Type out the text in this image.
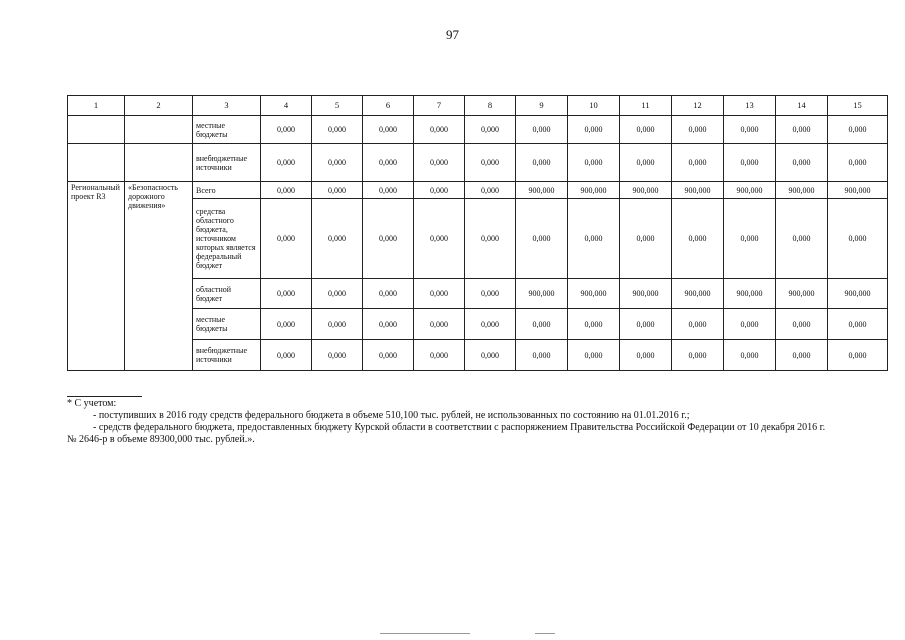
97
1	2	3	4	5	6	7	8	9	10	11	12	13	14	15
		местные бюджеты	0,000	0,000	0,000	0,000	0,000	0,000	0,000	0,000	0,000	0,000	0,000	0,000
		внебюджетные источники	0,000	0,000	0,000	0,000	0,000	0,000	0,000	0,000	0,000	0,000	0,000	0,000
Региональный проект R3	«Безопасность дорожного движения»	Всего	0,000	0,000	0,000	0,000	0,000	900,000	900,000	900,000	900,000	900,000	900,000	900,000
		средства областного бюджета, источником которых является федеральный бюджет	0,000	0,000	0,000	0,000	0,000	0,000	0,000	0,000	0,000	0,000	0,000	0,000
		областной бюджет	0,000	0,000	0,000	0,000	0,000	900,000	900,000	900,000	900,000	900,000	900,000	900,000
		местные бюджеты	0,000	0,000	0,000	0,000	0,000	0,000	0,000	0,000	0,000	0,000	0,000	0,000
		внебюджетные источники	0,000	0,000	0,000	0,000	0,000	0,000	0,000	0,000	0,000	0,000	0,000	0,000

* С учетом:

- поступивших в 2016 году средств федерального бюджета в объеме 510,100 тыс. рублей, не использованных по состоянию на 01.01.2016 г.;

- средств федерального бюджета, предоставленных бюджету Курской области в соответствии с распоряжением Правительства Российской Федерации от 10 декабря 2016 г. № 2646-р в объеме 89300,000 тыс. рублей.».
